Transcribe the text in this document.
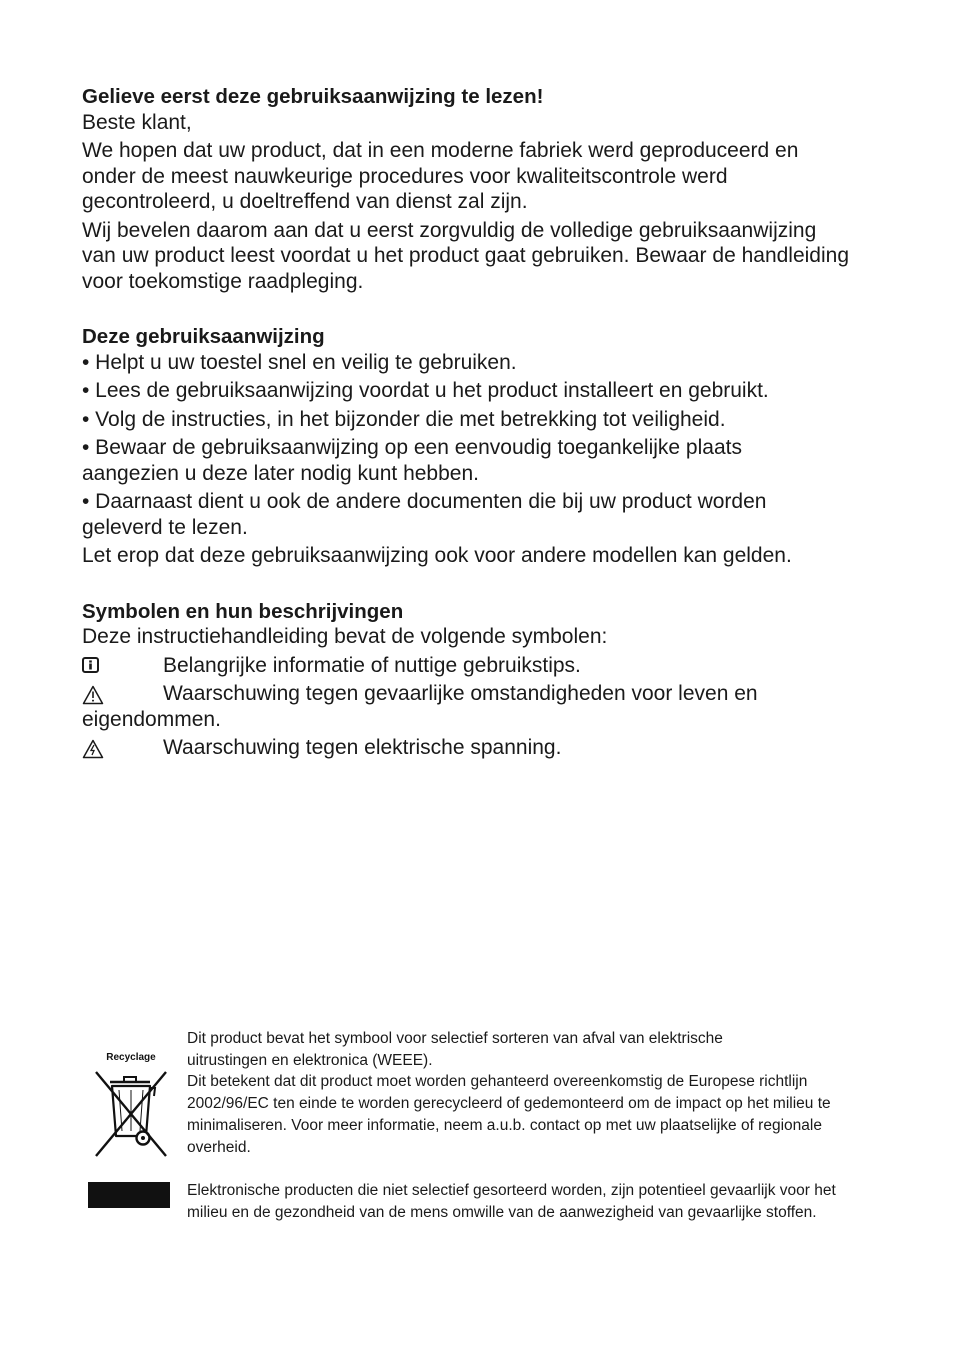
Gelieve eerst deze gebruiksaanwijzing te lezen!

Beste klant,

We hopen dat uw product, dat in een moderne fabriek werd geproduceerd en onder de meest nauwkeurige procedures voor kwaliteitscontrole werd gecontroleerd, u doeltreffend van dienst zal zijn.

Wij bevelen daarom aan dat u eerst zorgvuldig de volledige gebruiksaanwijzing van uw product leest voordat u het product gaat gebruiken. Bewaar de handleiding voor toekomstige raadpleging.

Deze gebruiksaanwijzing

• Helpt u uw toestel snel en veilig te gebruiken.

• Lees de gebruiksaanwijzing voordat u het product installeert en gebruikt.

• Volg de instructies, in het bijzonder die met betrekking tot veiligheid.

• Bewaar de gebruiksaanwijzing op een eenvoudig toegankelijke plaats aangezien u deze later nodig kunt hebben.

• Daarnaast dient u ook de andere documenten die bij uw product worden geleverd te lezen.

Let erop dat deze gebruiksaanwijzing ook voor andere modellen kan gelden.

Symbolen en hun beschrijvingen

Deze instructiehandleiding bevat de volgende symbolen:

Belangrijke informatie of nuttige gebruikstips.

Waarschuwing tegen gevaarlijke omstandigheden voor leven en eigendommen.

Waarschuwing tegen elektrische spanning.

Recyclage

Dit product bevat het symbool voor selectief sorteren van afval van elektrische uitrustingen en elektronica (WEEE).

Dit betekent dat dit product moet worden gehanteerd overeenkomstig de Europese richtlijn 2002/96/EC ten einde te worden gerecycleerd of gedemonteerd om de impact op het milieu te minimaliseren. Voor meer informatie, neem a.u.b. contact op met uw plaatselijke of regionale overheid.

Elektronische producten die niet selectief gesorteerd worden, zijn potentieel gevaarlijk voor het milieu en de gezondheid van de mens omwille van de aanwezigheid van gevaarlijke stoffen.
